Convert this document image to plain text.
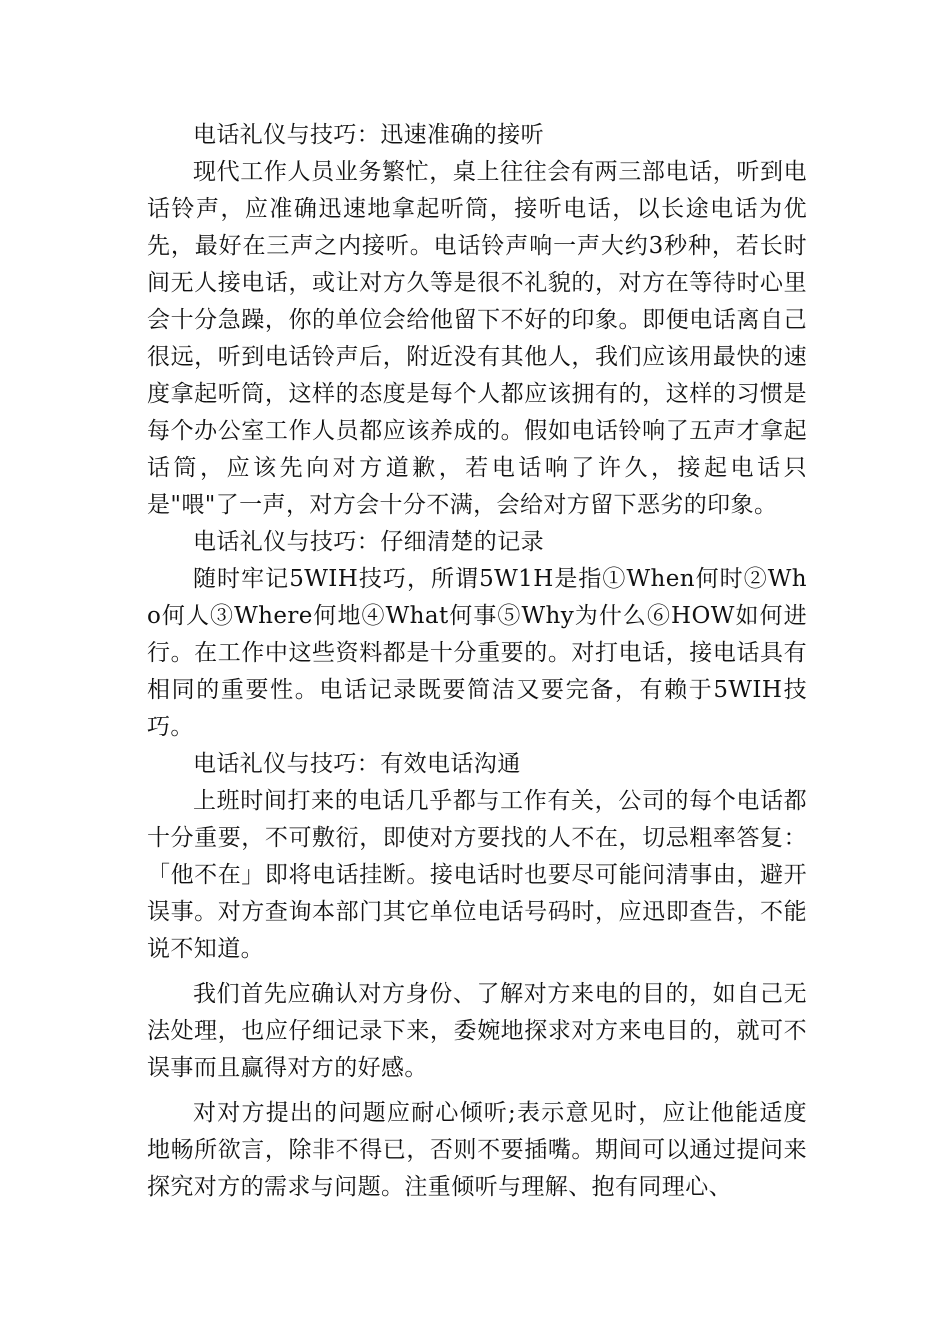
电话礼仪与技巧：迅速准确的接听

现代工作人员业务繁忙，桌上往往会有两三部电话，听到电话铃声，应准确迅速地拿起听筒，接听电话，以长途电话为优先，最好在三声之内接听。电话铃声响一声大约3秒种，若长时间无人接电话，或让对方久等是很不礼貌的，对方在等待时心里会十分急躁，你的单位会给他留下不好的印象。即便电话离自己很远，听到电话铃声后，附近没有其他人，我们应该用最快的速度拿起听筒，这样的态度是每个人都应该拥有的，这样的习惯是每个办公室工作人员都应该养成的。假如电话铃响了五声才拿起话筒，应该先向对方道歉，若电话响了许久，接起电话只是"喂"了一声，对方会十分不满，会给对方留下恶劣的印象。

电话礼仪与技巧：仔细清楚的记录

随时牢记5WIH技巧，所谓5W1H是指①When何时②Who何人③Where何地④What何事⑤Why为什么⑥HOW如何进行。在工作中这些资料都是十分重要的。对打电话，接电话具有相同的重要性。电话记录既要简洁又要完备，有赖于5WIH技巧。

电话礼仪与技巧：有效电话沟通

上班时间打来的电话几乎都与工作有关，公司的每个电话都十分重要，不可敷衍，即使对方要找的人不在，切忌粗率答复：「他不在」即将电话挂断。接电话时也要尽可能问清事由，避开误事。对方查询本部门其它单位电话号码时，应迅即查告，不能说不知道。

我们首先应确认对方身份、了解对方来电的目的，如自己无法处理，也应仔细记录下来，委婉地探求对方来电目的，就可不误事而且赢得对方的好感。

对对方提出的问题应耐心倾听;表示意见时，应让他能适度地畅所欲言，除非不得已，否则不要插嘴。期间可以通过提问来探究对方的需求与问题。注重倾听与理解、抱有同理心、
